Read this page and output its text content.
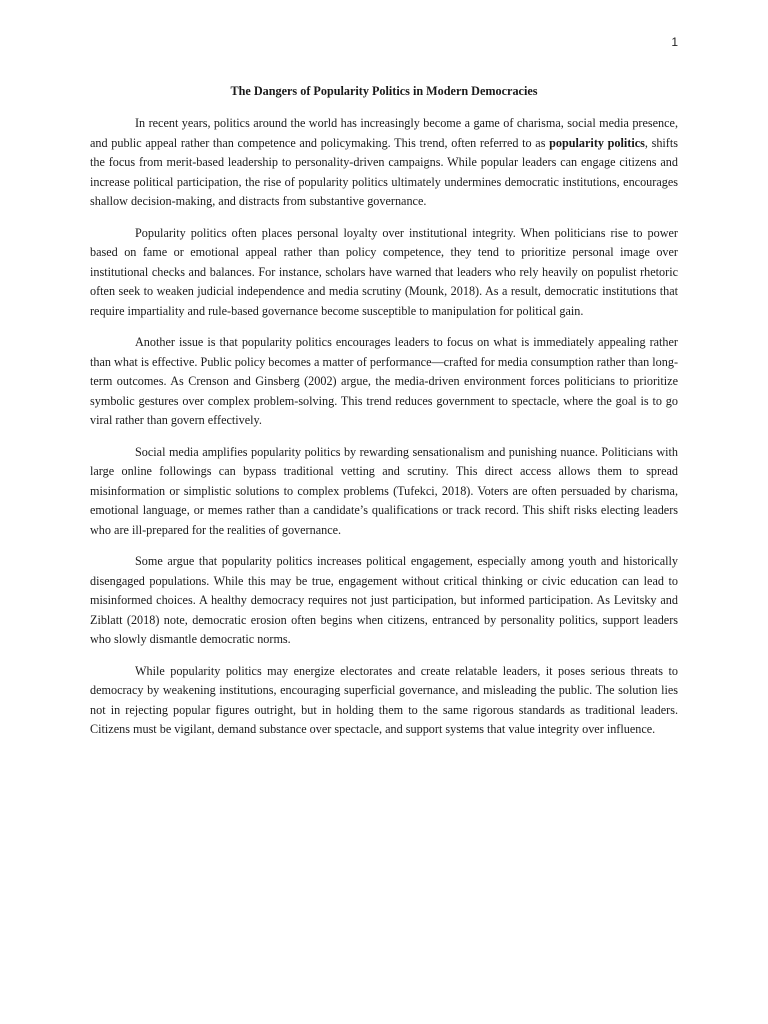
1
The Dangers of Popularity Politics in Modern Democracies

In recent years, politics around the world has increasingly become a game of charisma, social media presence, and public appeal rather than competence and policymaking. This trend, often referred to as popularity politics, shifts the focus from merit-based leadership to personality-driven campaigns. While popular leaders can engage citizens and increase political participation, the rise of popularity politics ultimately undermines democratic institutions, encourages shallow decision-making, and distracts from substantive governance.

Popularity politics often places personal loyalty over institutional integrity. When politicians rise to power based on fame or emotional appeal rather than policy competence, they tend to prioritize personal image over institutional checks and balances. For instance, scholars have warned that leaders who rely heavily on populist rhetoric often seek to weaken judicial independence and media scrutiny (Mounk, 2018). As a result, democratic institutions that require impartiality and rule-based governance become susceptible to manipulation for political gain.

Another issue is that popularity politics encourages leaders to focus on what is immediately appealing rather than what is effective. Public policy becomes a matter of performance—crafted for media consumption rather than long-term outcomes. As Crenson and Ginsberg (2002) argue, the media-driven environment forces politicians to prioritize symbolic gestures over complex problem-solving. This trend reduces government to spectacle, where the goal is to go viral rather than govern effectively.

Social media amplifies popularity politics by rewarding sensationalism and punishing nuance. Politicians with large online followings can bypass traditional vetting and scrutiny. This direct access allows them to spread misinformation or simplistic solutions to complex problems (Tufekci, 2018). Voters are often persuaded by charisma, emotional language, or memes rather than a candidate’s qualifications or track record. This shift risks electing leaders who are ill-prepared for the realities of governance.

Some argue that popularity politics increases political engagement, especially among youth and historically disengaged populations. While this may be true, engagement without critical thinking or civic education can lead to misinformed choices. A healthy democracy requires not just participation, but informed participation. As Levitsky and Ziblatt (2018) note, democratic erosion often begins when citizens, entranced by personality politics, support leaders who slowly dismantle democratic norms.

While popularity politics may energize electorates and create relatable leaders, it poses serious threats to democracy by weakening institutions, encouraging superficial governance, and misleading the public. The solution lies not in rejecting popular figures outright, but in holding them to the same rigorous standards as traditional leaders. Citizens must be vigilant, demand substance over spectacle, and support systems that value integrity over influence.
